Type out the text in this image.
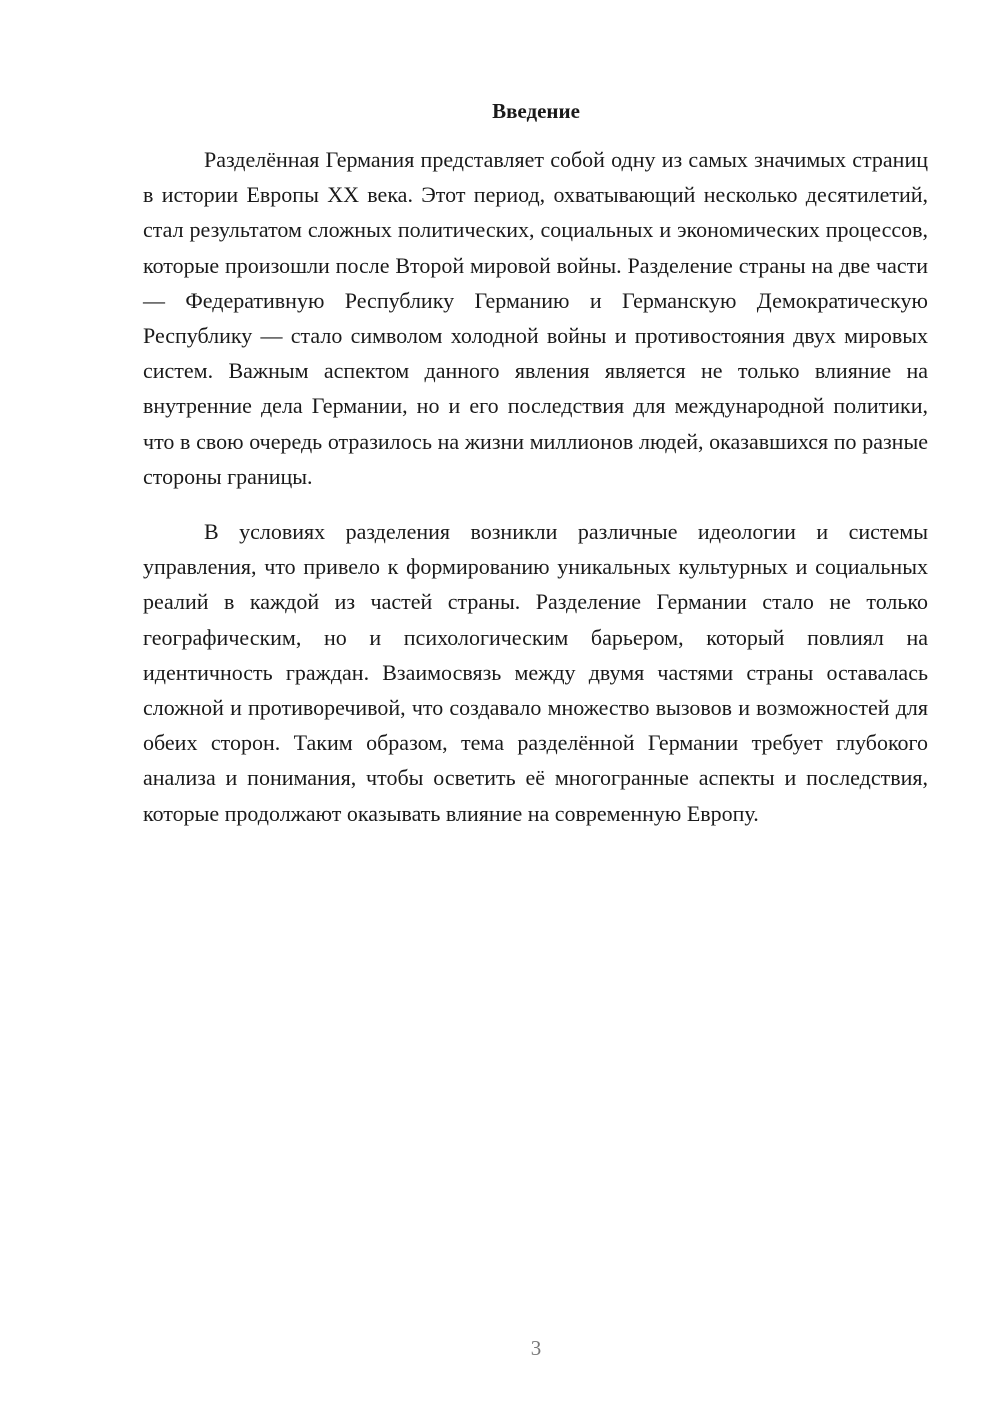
Введение

Разделённая Германия представляет собой одну из самых значимых страниц в истории Европы XX века. Этот период, охватывающий несколько десятилетий, стал результатом сложных политических, социальных и экономических процессов, которые произошли после Второй мировой войны. Разделение страны на две части — Федеративную Республику Германию и Германскую Демократическую Республику — стало символом холодной войны и противостояния двух мировых систем. Важным аспектом данного явления является не только влияние на внутренние дела Германии, но и его последствия для международной политики, что в свою очередь отразилось на жизни миллионов людей, оказавшихся по разные стороны границы.

В условиях разделения возникли различные идеологии и системы управления, что привело к формированию уникальных культурных и социальных реалий в каждой из частей страны. Разделение Германии стало не только географическим, но и психологическим барьером, который повлиял на идентичность граждан. Взаимосвязь между двумя частями страны оставалась сложной и противоречивой, что создавало множество вызовов и возможностей для обеих сторон. Таким образом, тема разделённой Германии требует глубокого анализа и понимания, чтобы осветить её многогранные аспекты и последствия, которые продолжают оказывать влияние на современную Европу.

3
